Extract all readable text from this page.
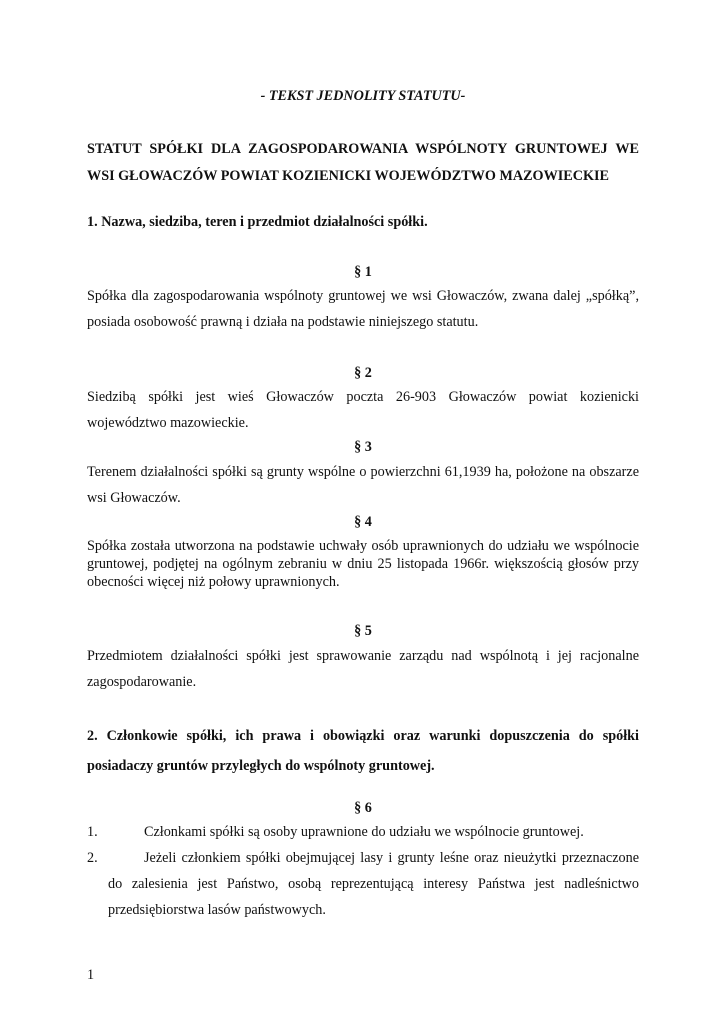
- TEKST JEDNOLITY STATUTU-

STATUT SPÓŁKI DLA ZAGOSPODAROWANIA WSPÓLNOTY GRUNTOWEJ WE WSI GŁOWACZÓW POWIAT KOZIENICKI WOJEWÓDZTWO MAZOWIECKIE

1. Nazwa, siedziba, teren i przedmiot działalności spółki.

§ 1

Spółka dla zagospodarowania wspólnoty gruntowej we wsi Głowaczów, zwana dalej „spółką”, posiada osobowość prawną i działa na podstawie niniejszego statutu.

§ 2

Siedzibą spółki jest wieś Głowaczów poczta 26-903 Głowaczów powiat kozienicki województwo mazowieckie.

§ 3

Terenem działalności spółki są grunty wspólne o powierzchni 61,1939 ha, położone na obszarze wsi Głowaczów.

§ 4

Spółka została utworzona na podstawie uchwały osób uprawnionych do udziału we wspólnocie gruntowej, podjętej na ogólnym zebraniu w dniu 25 listopada 1966r. większością głosów przy obecności więcej niż połowy uprawnionych.

§ 5

Przedmiotem działalności spółki jest sprawowanie zarządu nad wspólnotą i jej racjonalne zagospodarowanie.

2. Członkowie spółki, ich prawa i obowiązki oraz warunki dopuszczenia do spółki posiadaczy gruntów przyległych do wspólnoty gruntowej.

§ 6

1.	Członkami spółki są osoby uprawnione do udziału we wspólnocie gruntowej.
2.	Jeżeli członkiem spółki obejmującej lasy i grunty leśne oraz nieużytki przeznaczone do zalesienia jest Państwo, osobą reprezentującą interesy Państwa jest nadleśnictwo przedsiębiorstwa lasów państwowych.
1
